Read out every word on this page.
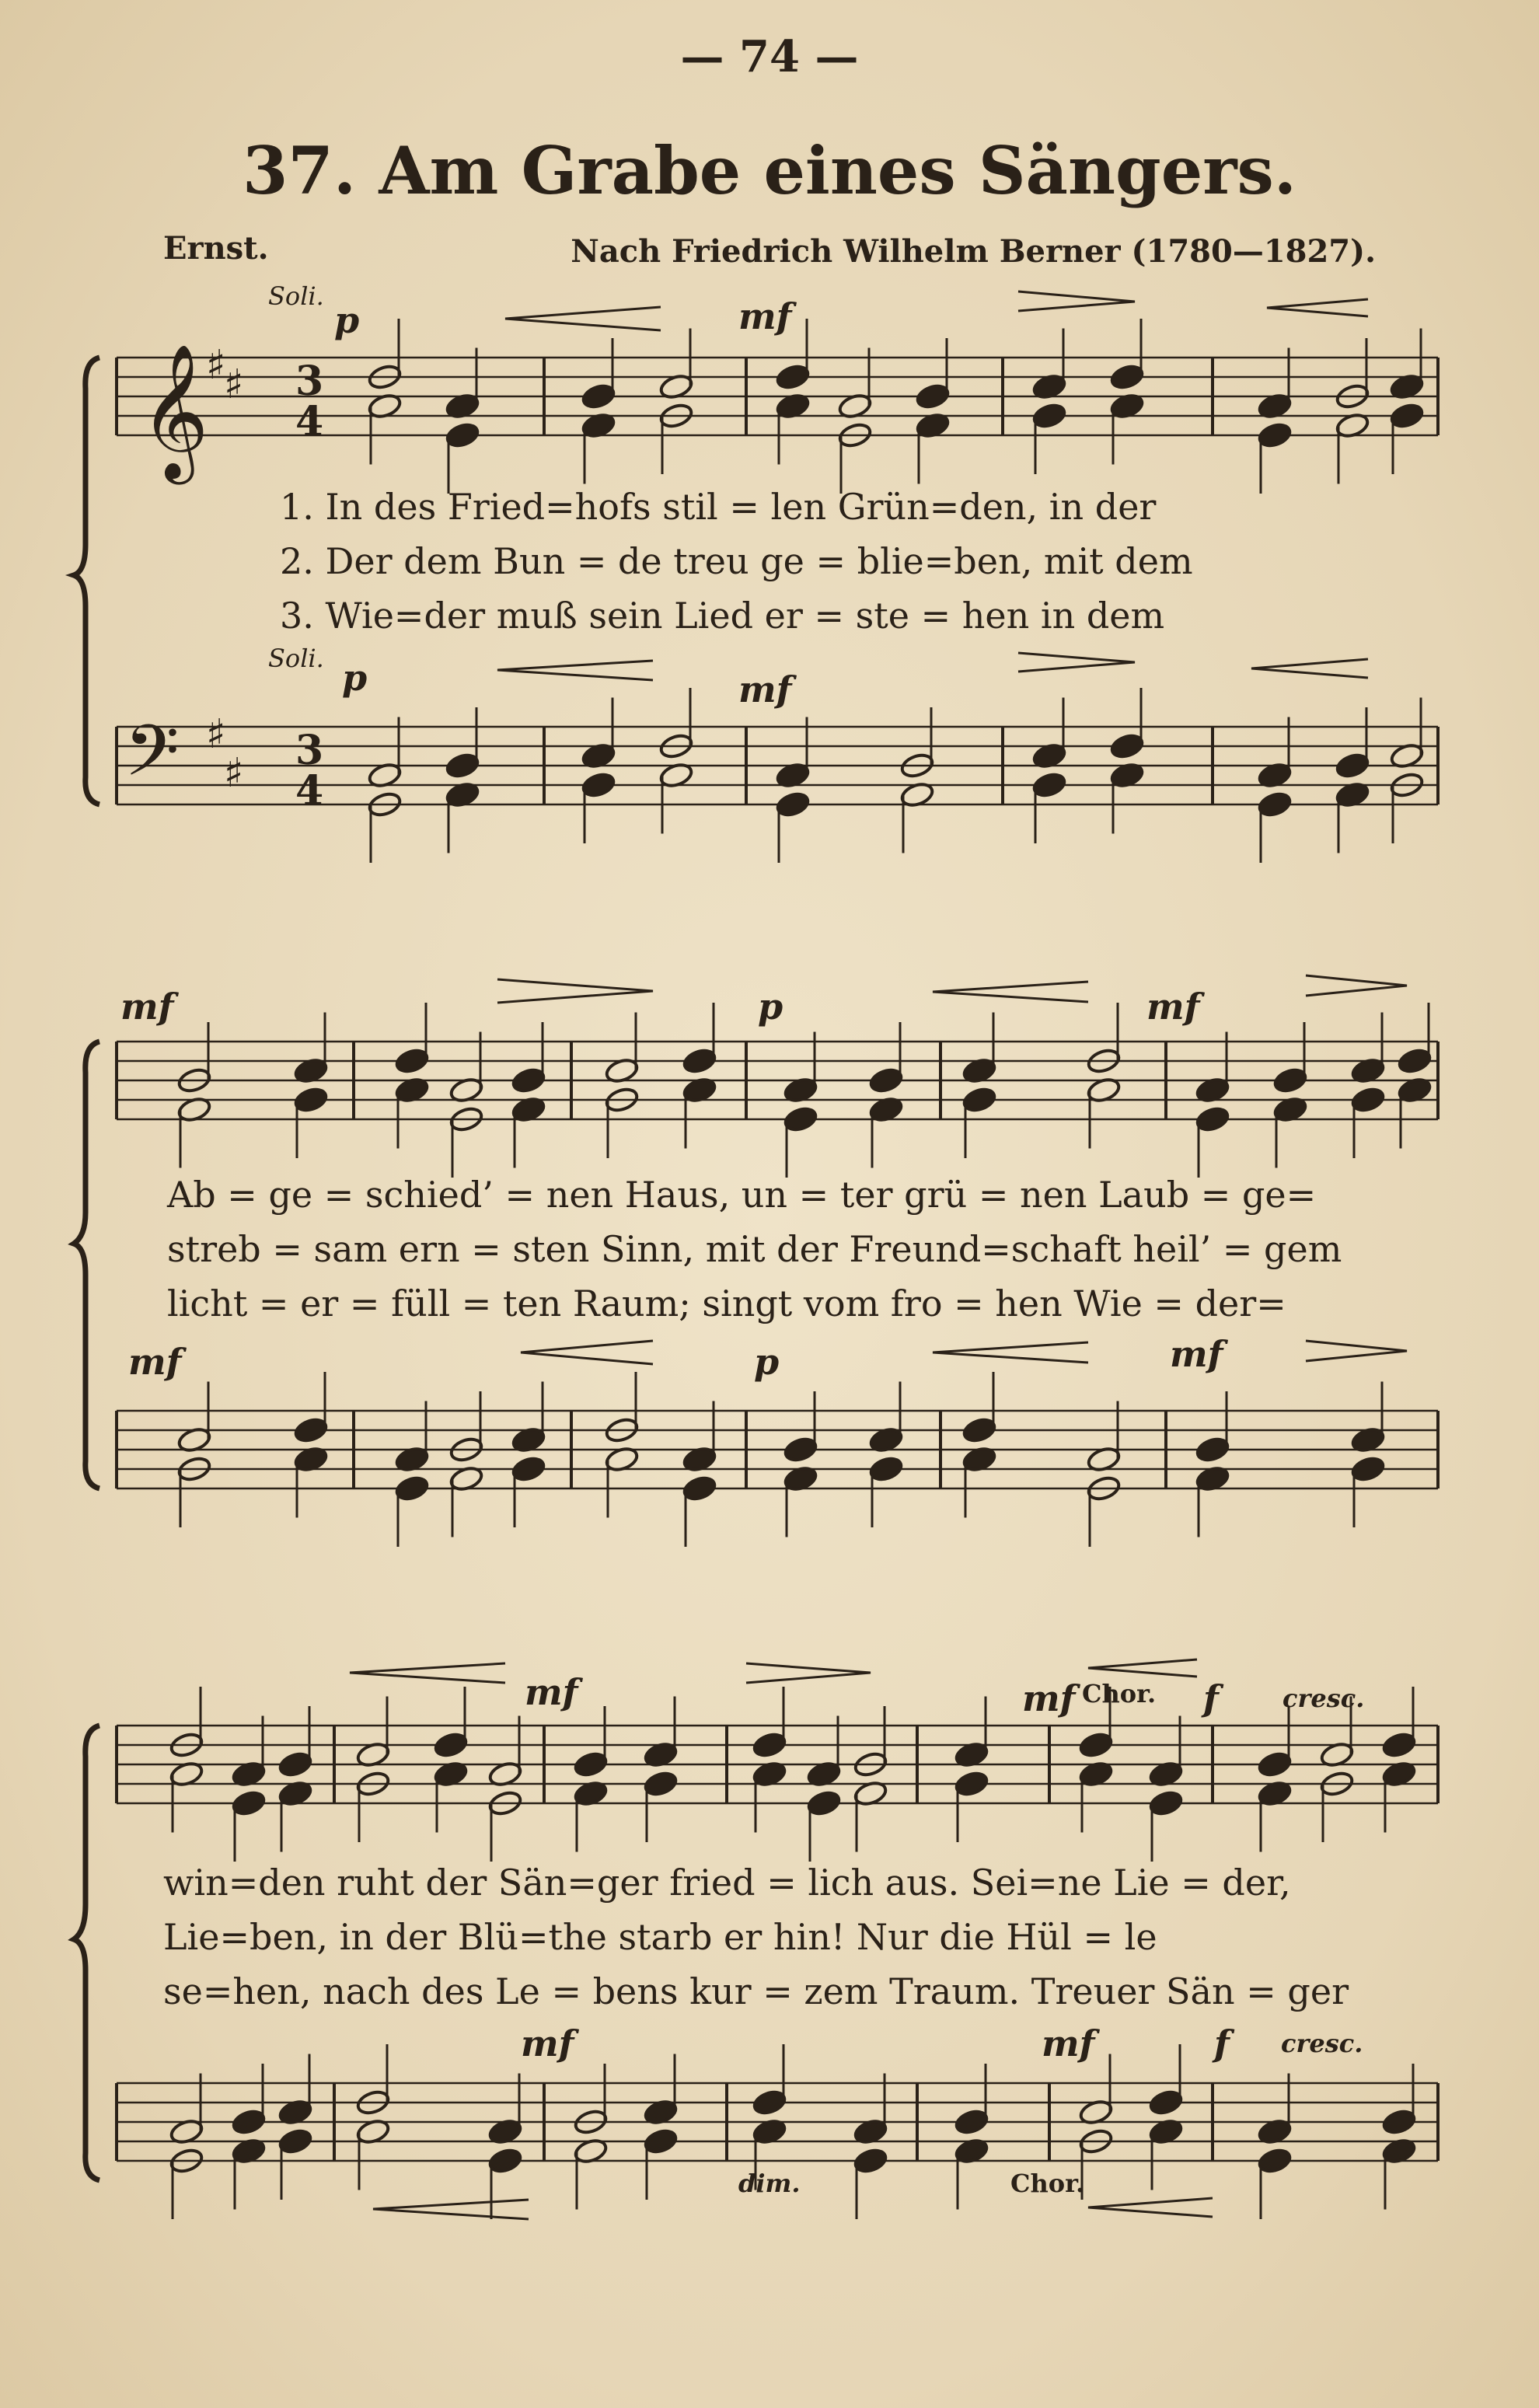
— 74 —
37. Am Grabe eines Sängers.
Ernst.	Nach Friedrich Wilhelm Berner (1780—1827).
Soli.
p	mf
Soli. p	mf
mf	p	mf
mf	p	mf
mf	mf Chor. f	cresc.
mf	mf	f cresc.
dim.	Chor.
1. In des Fried=hofs stil = len Grün=den, in der
2. Der dem Bun = de treu ge = blie=ben, mit dem
3. Wie=der muß sein Lied er = ste = hen in dem
Ab = ge = schied’ = nen Haus, un = ter grü = nen Laub = ge=
streb = sam ern = sten Sinn, mit der Freund=schaft heil’ = gem
licht = er = füll = ten Raum; singt vom fro = hen Wie = der=
win=den ruht der Sän=ger fried = lich aus. Sei=ne Lie = der,
Lie=ben, in der Blü=the starb er hin! Nur die Hül = le
se=hen, nach des Le = bens kur = zem Traum. Treuer Sän = ger
𝄞
𝄢
♯
♯
♯
♯
3
4
3
4
